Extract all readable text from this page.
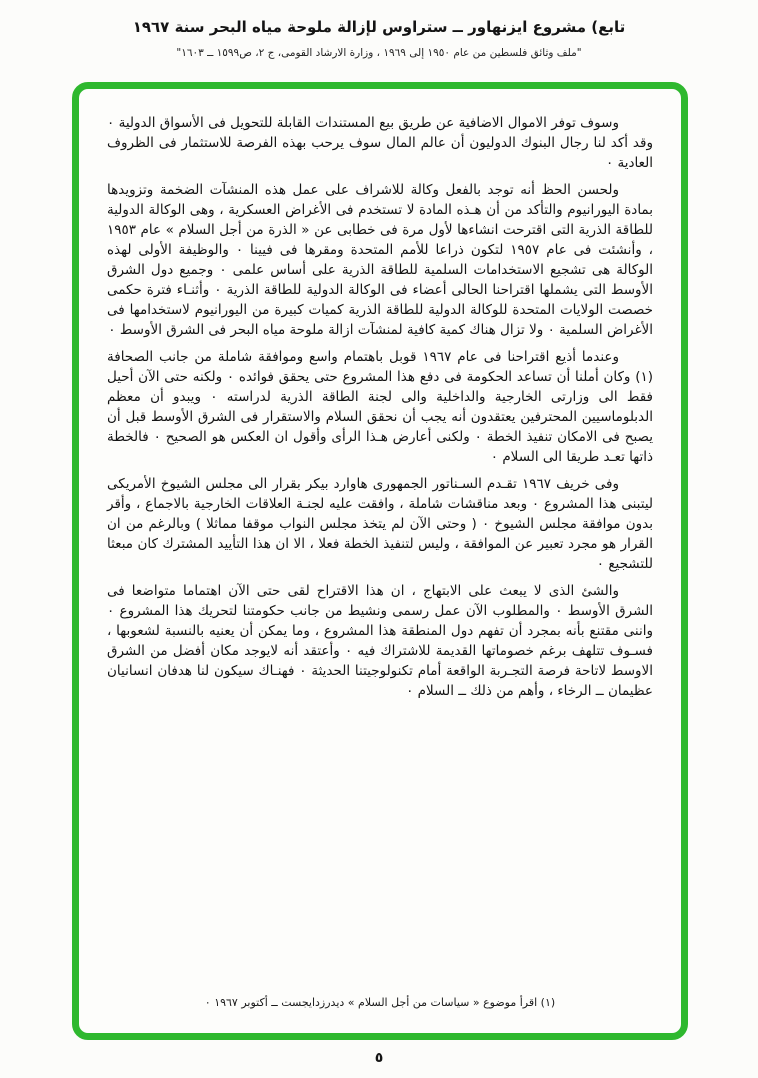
تابع) مشروع ايزنهاور ــ ستراوس لإزالة ملوحة مياه البحر سنة ١٩٦٧
"ملف وثائق فلسطين من عام ١٩٥٠ إلى ١٩٦٩ ، وزارة الارشاد القومى، ج ٢، ص١٥٩٩ ــ ١٦٠٣"

وسوف توفر الاموال الاضافية عن طريق بيع المستندات القابلة للتحويل فى الأسواق الدولية ٠ وقد أكد لنا رجال البنوك الدوليون أن عالم المال سوف يرحب بهذه الفرصة للاستثمار فى الظروف العادية ٠

ولحسن الحظ أنه توجد بالفعل وكالة للاشراف على عمل هذه المنشآت الضخمة وتزويدها بمادة اليورانيوم والتأكد من أن هـذه المادة لا تستخدم فى الأغراض العسكرية ، وهى الوكالة الدولية للطاقة الذرية التى اقترحت انشاءها لأول مرة فى خطابى عن « الذرة من أجل السلام » عام ١٩٥٣ ، وأنشئت فى عام ١٩٥٧ لتكون ذراعا للأمم المتحدة ومقرها فى فيينا ٠ والوظيفة الأولى لهذه الوكالة هى تشجيع الاستخدامات السلمية للطاقة الذرية على أساس علمى ٠ وجميع دول الشرق الأوسط التى يشملها اقتراحنا الحالى أعضاء فى الوكالة الدولية للطاقة الذرية ٠ وأثنـاء فترة حكمى خصصت الولايات المتحدة للوكالة الدولية للطاقة الذرية كميات كبيرة من اليورانيوم لاستخدامها فى الأغراض السلمية ٠ ولا تزال هناك كمية كافية لمنشآت ازالة ملوحة مياه البحر فى الشرق الأوسط ٠

وعندما أذيع اقتراحنا فى عام ١٩٦٧ قوبل باهتمام واسع وموافقة شاملة من جانب الصحافة (١) وكان أملنا أن تساعد الحكومة فى دفع هذا المشروع حتى يحقق فوائده ٠ ولكنه حتى الآن أحيل فقط الى وزارتى الخارجية والداخلية والى لجنة الطاقة الذرية لدراسته ٠ ويبدو أن معظم الدبلوماسيين المحترفين يعتقدون أنه يجب أن نحقق السلام والاستقرار فى الشرق الأوسط قبل أن يصبح فى الامكان تنفيذ الخطة ٠ ولكنى أعارض هـذا الرأى وأقول ان العكس هو الصحيح ٠ فالخطة ذاتها تعـد طريقا الى السلام ٠

وفى خريف ١٩٦٧ تقـدم السـناتور الجمهورى هاوارد بيكر بقرار الى مجلس الشيوخ الأمريكى ليتبنى هذا المشروع ٠ وبعد مناقشات شاملة ، وافقت عليه لجنـة العلاقات الخارجية بالاجماع ، وأقر بدون موافقة مجلس الشيوخ ٠ ( وحتى الآن لم يتخذ مجلس النواب موقفا مماثلا ) وبالرغم من ان القرار هو مجرد تعبير عن الموافقة ، وليس لتنفيذ الخطة فعلا ، الا ان هذا التأييد المشترك كان مبعثا للتشجيع ٠

والشئ الذى لا يبعث على الابتهاج ، ان هذا الاقتراح لقى حتى الآن اهتماما متواضعا فى الشرق الأوسط ٠ والمطلوب الآن عمل رسمى ونشيط من جانب حكومتنا لتحريك هذا المشروع ٠ واننى مقتنع بأنه بمجرد أن تفهم دول المنطقة هذا المشروع ، وما يمكن أن يعنيه بالنسبة لشعوبها ، فسـوف تتلهف برغم خصوماتها القديمة للاشتراك فيه ٠ وأعتقد أنه لايوجد مكان أفضل من الشرق الاوسط لاتاحة فرصة التجـربة الواقعة أمام تكنولوجيتنا الحديثة ٠ فهنـاك سيكون لنا هدفان انسانيان عظيمان ــ الرخاء ، وأهم من ذلك ــ السلام ٠

(١) اقرأ موضوع « سياسات من أجل السلام » ديدرزدايجست ــ أكتوبر ١٩٦٧ ٠
٥
